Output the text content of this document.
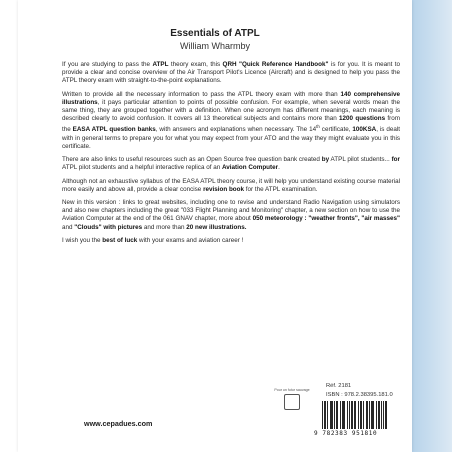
Essentials of ATPL
William Wharmby

If you are studying to pass the ATPL theory exam, this QRH "Quick Reference Handbook" is for you. It is meant to provide a clear and concise overview of the Air Transport Pilot's Licence (Aircraft) and is designed to help you pass the ATPL theory exam with straight-to-the-point explanations.

Written to provide all the necessary information to pass the ATPL theory exam with more than 140 comprehensive illustrations, it pays particular attention to points of possible confusion. For example, when several words mean the same thing, they are grouped together with a definition. When one acronym has different meanings, each meaning is described clearly to avoid confusion. It covers all 13 theoretical subjects and contains more than 1200 questions from the EASA ATPL question banks, with answers and explanations when necessary. The 14th certificate, 100KSA, is dealt with in general terms to prepare you for what you may expect from your ATO and the way they might evaluate you in this certificate.

There are also links to useful resources such as an Open Source free question bank created by ATPL pilot students... for ATPL pilot students and a helpful interactive replica of an Aviation Computer.

Although not an exhaustive syllabus of the EASA ATPL theory course, it will help you understand existing course material more easily and above all, provide a clear concise revision book for the ATPL examination.

New in this version : links to great websites, including one to revise and understand Radio Navigation using simulators and also new chapters including the great "033 Flight Planning and Monitoring" chapter, a new section on how to use the Aviation Computer at the end of the 061 GNAV chapter, more about 050 meteorology : "weather fronts", "air masses" and "Clouds" with pictures and more than 20 new illustrations.

I wish you the best of luck with your exams and aviation career !

Pour un futur sauvage
Réf. 2181
ISBN : 978.2.38395.181.0
9 782383 951810
www.cepadues.com
